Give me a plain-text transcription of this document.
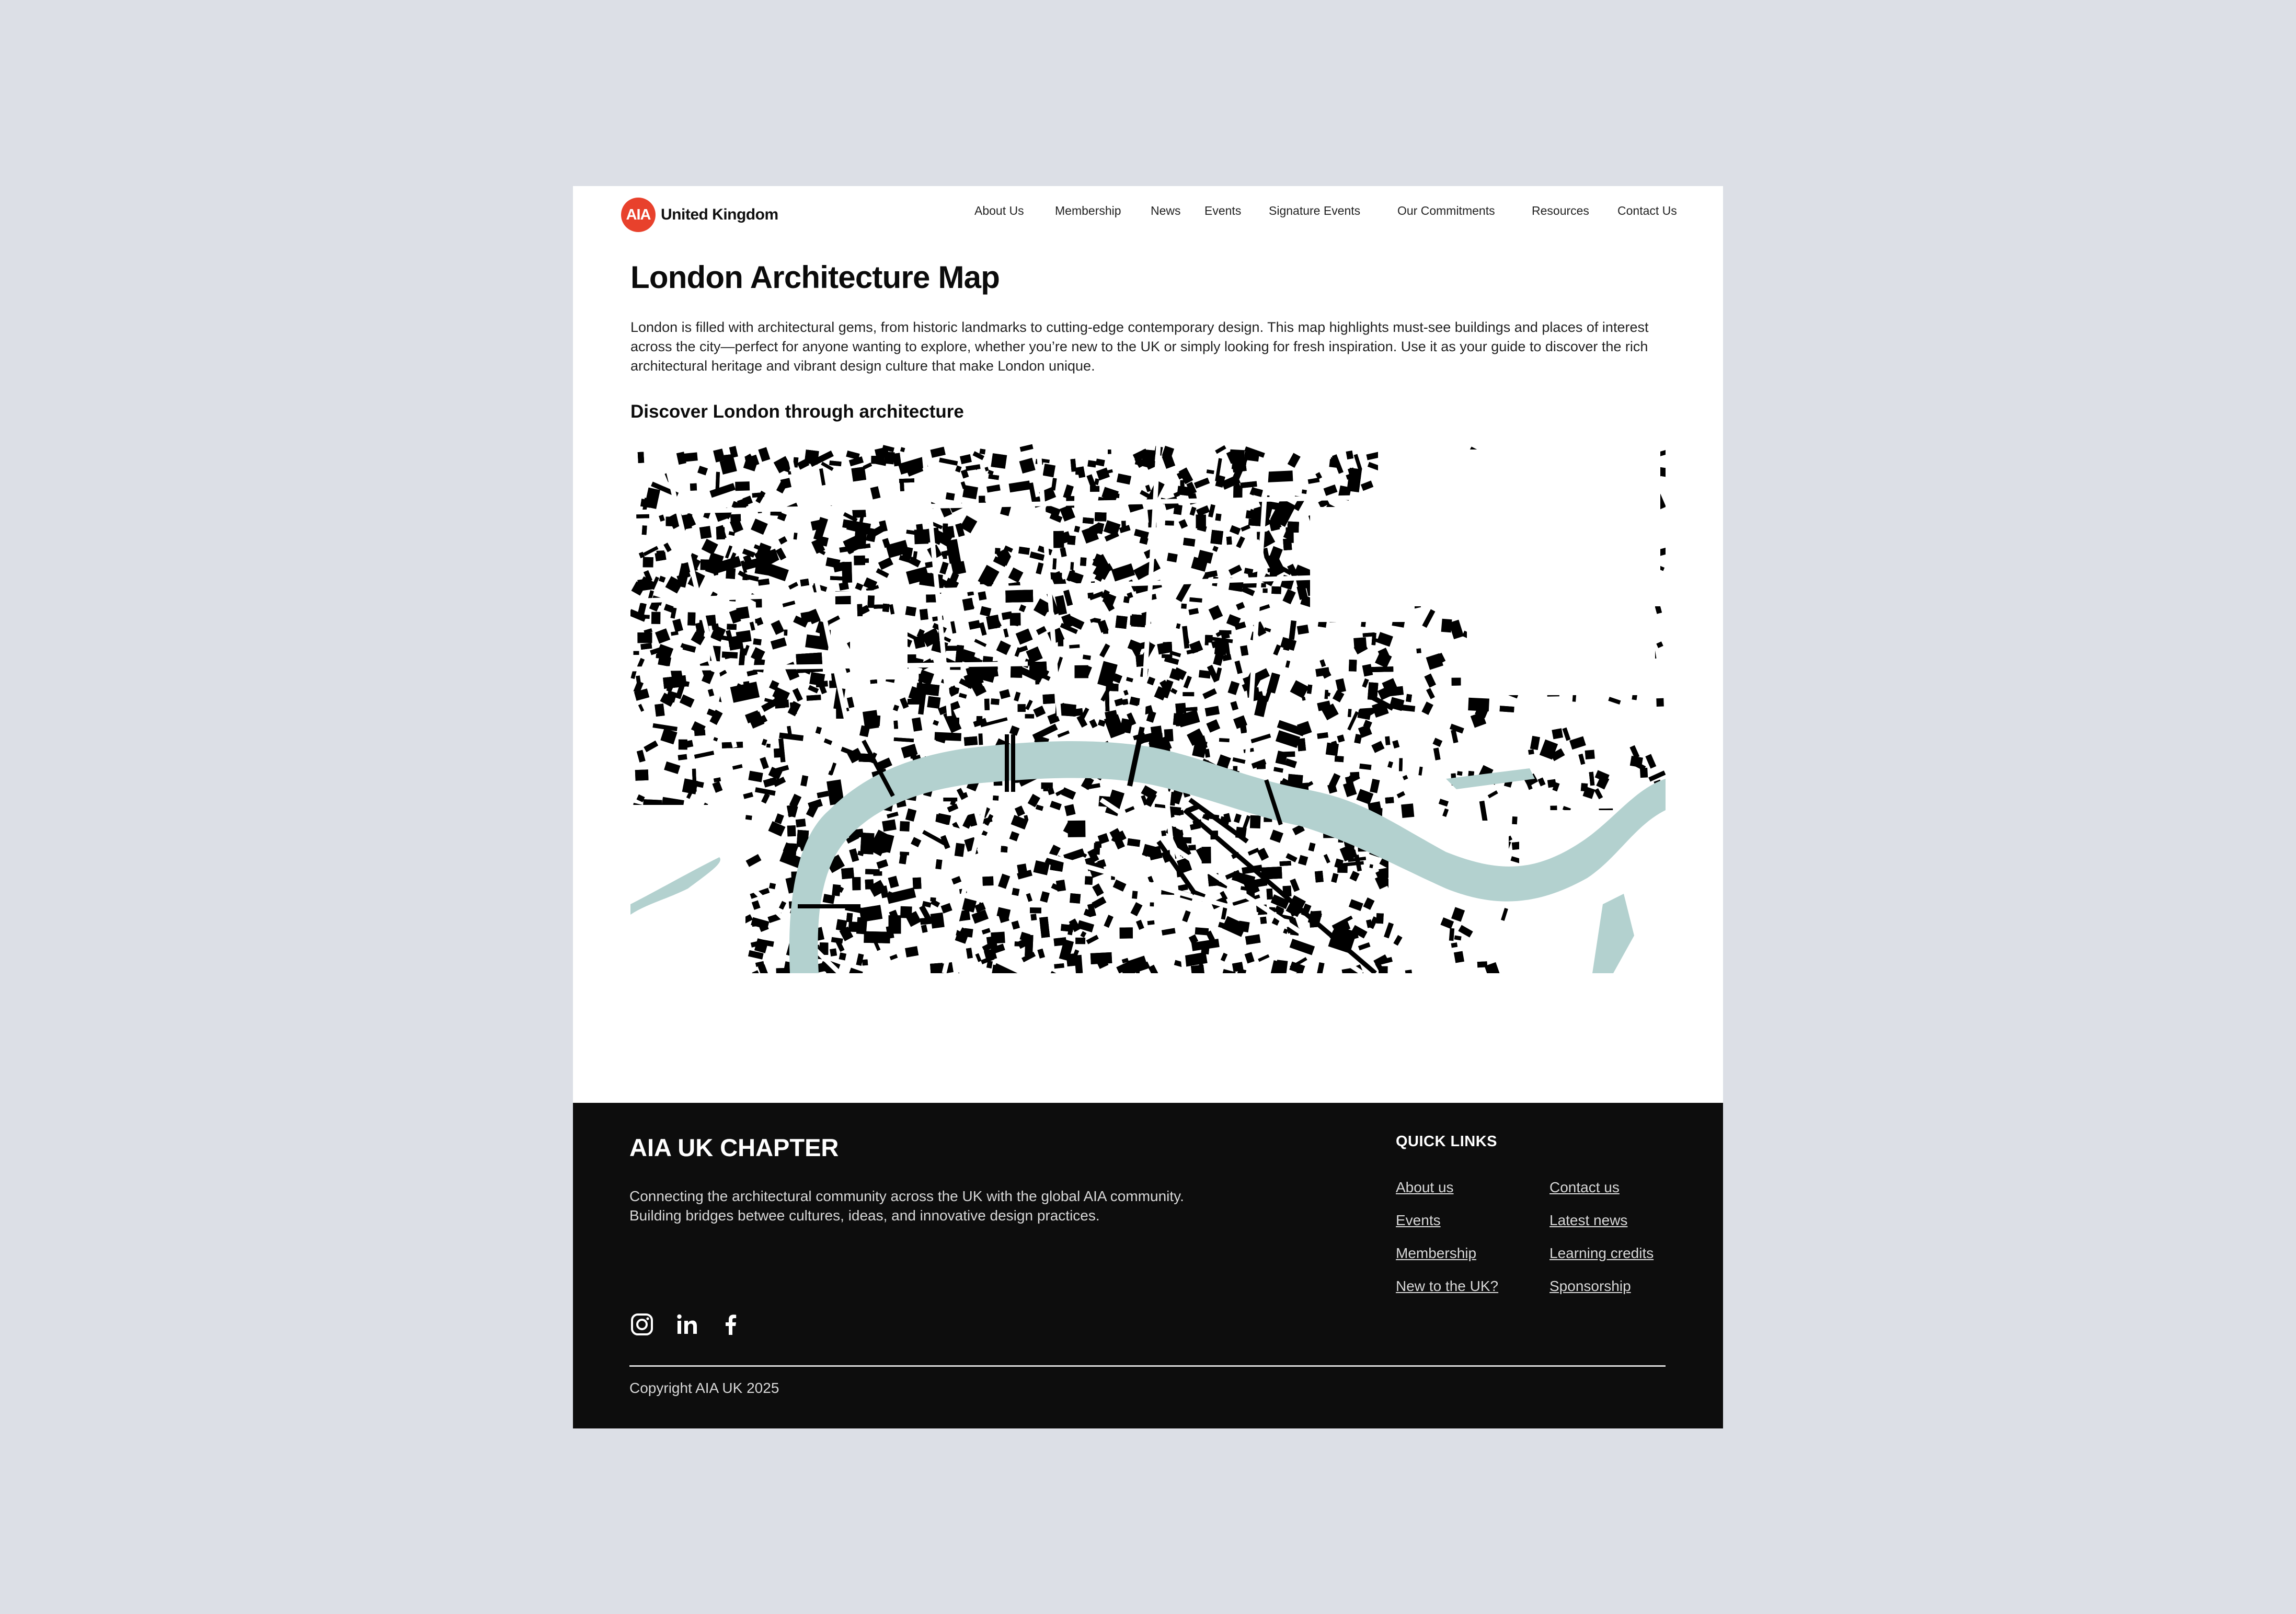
AIA United Kingdom	About Us	Membership News Events Signature Events	Our Commitments	Resources Contact Us
London Architecture Map

London is filled with architectural gems, from historic landmarks to cutting-edge contemporary design. This map highlights must-see buildings and places of interest across the city—perfect for anyone wanting to explore, whether you’re new to the UK or simply looking for fresh inspiration. Use it as your guide to discover the rich architectural heritage and vibrant design culture that make London unique.

Discover London through architecture
AIA UK CHAPTER
Connecting the architectural community across the UK with the global AIA community.
Building bridges betwee cultures, ideas, and innovative design practices.
QUICK LINKS
About us	Contact us
Events	Latest news
Membership	Learning credits
New to the UK?	Sponsorship
Copyright AIA UK 2025
